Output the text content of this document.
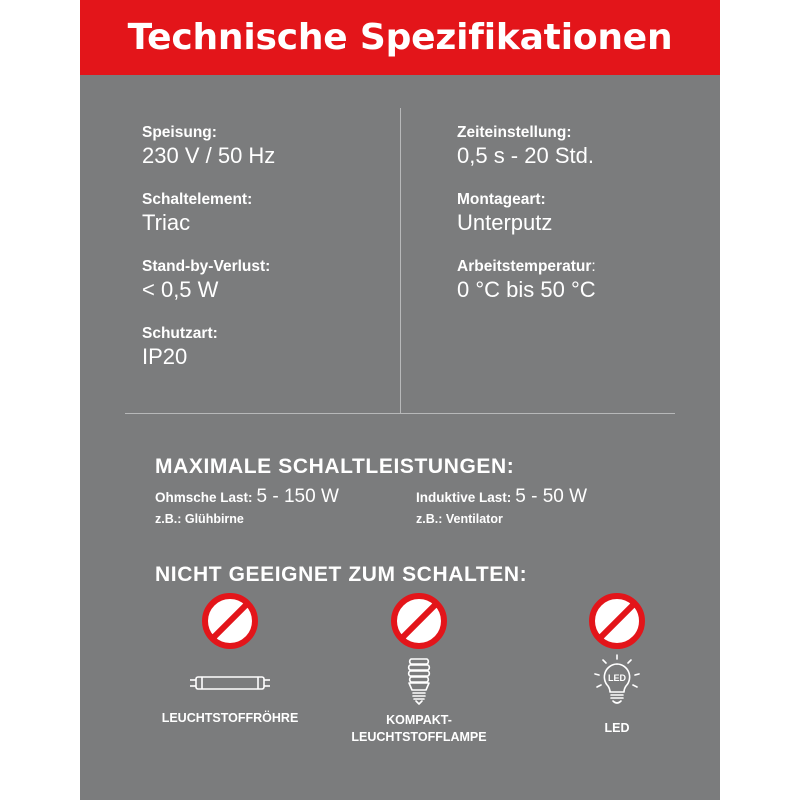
Technische Spezifikationen
Speisung:
230 V / 50 Hz
Schaltelement:
Triac
Stand-by-Verlust:
< 0,5 W
Schutzart:
IP20
Zeiteinstellung:
0,5 s - 20 Std.
Montageart:
Unterputz
Arbeitstemperatur:
0 °C bis 50 °C
MAXIMALE SCHALTLEISTUNGEN:
Ohmsche Last: 5 - 150 W
z.B.: Glühbirne
Induktive Last: 5 - 50 W
z.B.: Ventilator
NICHT GEEIGNET ZUM SCHALTEN:
LEUCHTSTOFFRÖHRE	KOMPAKT-
LEUCHTSTOFFLAMPE
LED
LED
